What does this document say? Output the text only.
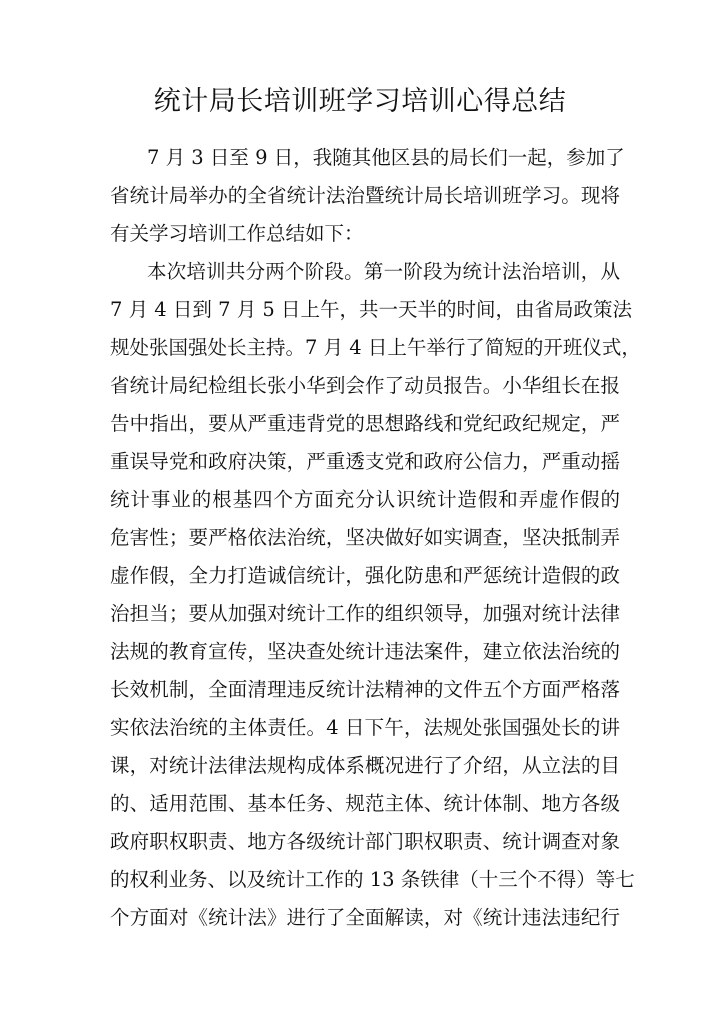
统计局长培训班学习培训心得总结
7 月 3 日至 9 日，我随其他区县的局长们一起，参加了
省统计局举办的全省统计法治暨统计局长培训班学习。现将
有关学习培训工作总结如下：
本次培训共分两个阶段。第一阶段为统计法治培训，从
7 月 4 日到 7 月 5 日上午，共一天半的时间，由省局政策法
规处张国强处长主持。7 月 4 日上午举行了简短的开班仪式，
省统计局纪检组长张小华到会作了动员报告。小华组长在报
告中指出，要从严重违背党的思想路线和党纪政纪规定，严
重误导党和政府决策，严重透支党和政府公信力，严重动摇
统计事业的根基四个方面充分认识统计造假和弄虚作假的
危害性；要严格依法治统，坚决做好如实调查，坚决抵制弄
虚作假，全力打造诚信统计，强化防患和严惩统计造假的政
治担当；要从加强对统计工作的组织领导，加强对统计法律
法规的教育宣传，坚决查处统计违法案件，建立依法治统的
长效机制，全面清理违反统计法精神的文件五个方面严格落
实依法治统的主体责任。4 日下午，法规处张国强处长的讲
课，对统计法律法规构成体系概况进行了介绍，从立法的目
的、适用范围、基本任务、规范主体、统计体制、地方各级
政府职权职责、地方各级统计部门职权职责、统计调查对象
的权利业务、以及统计工作的 13 条铁律（十三个不得）等七
个方面对《统计法》进行了全面解读，对《统计违法违纪行
